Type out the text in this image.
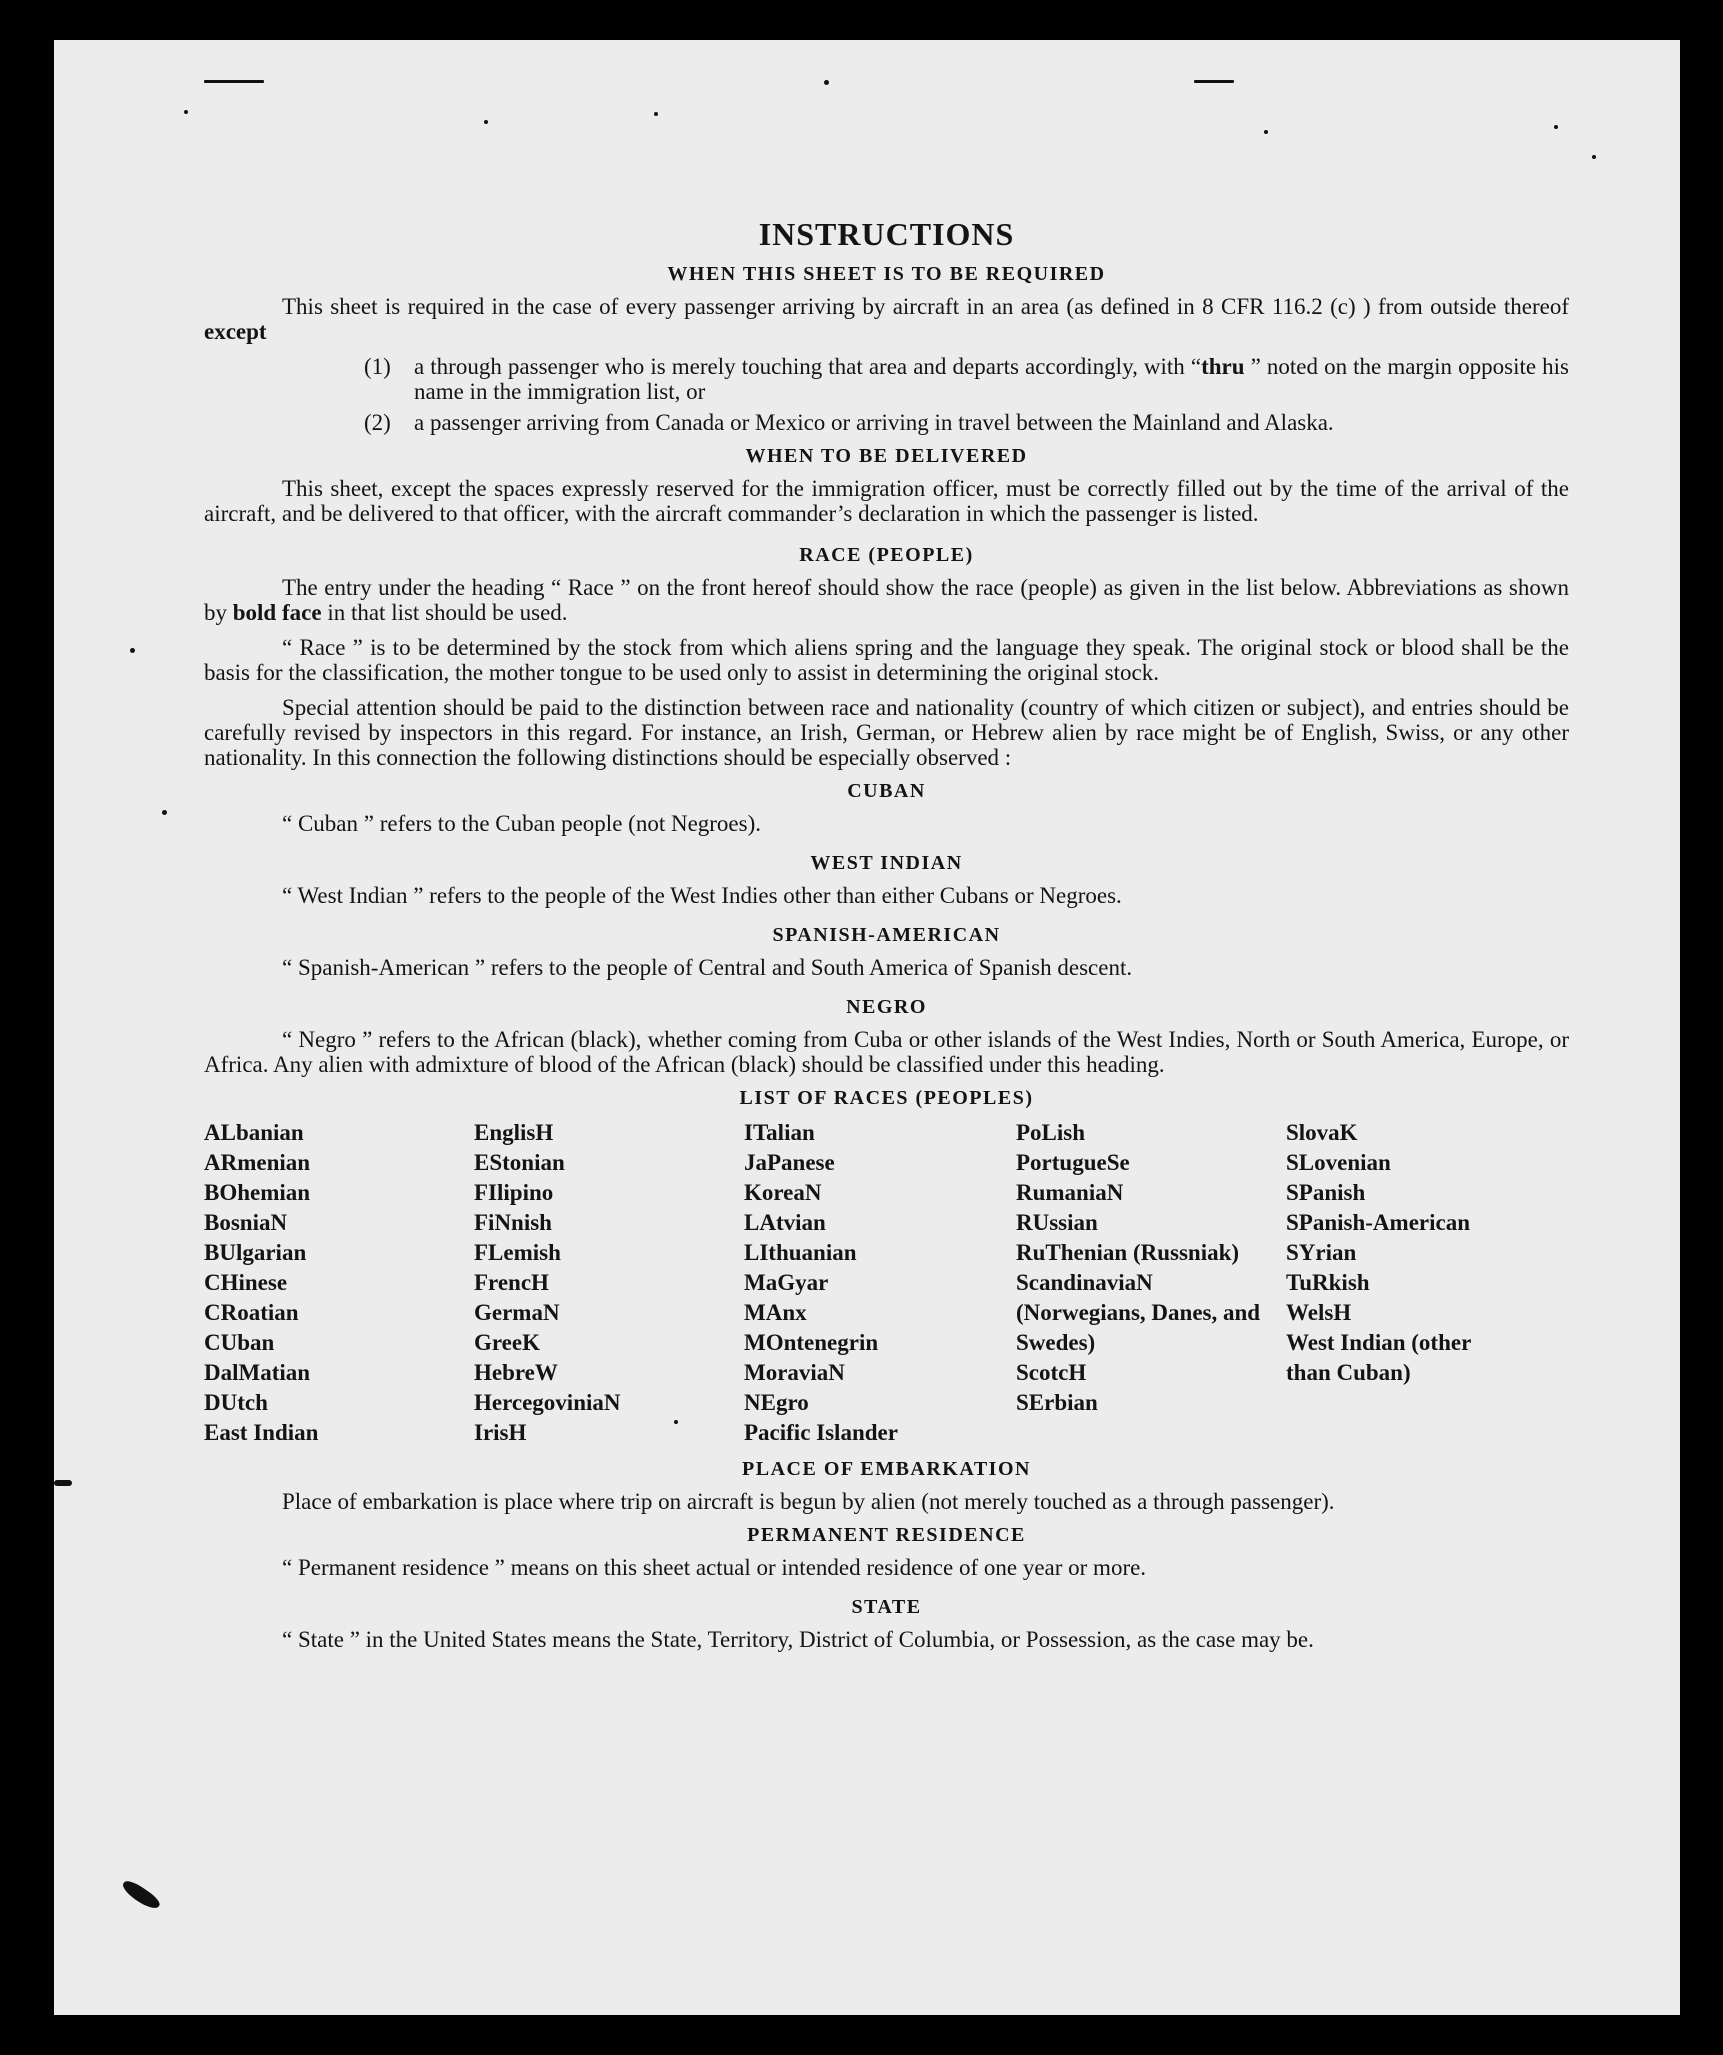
INSTRUCTIONS
WHEN THIS SHEET IS TO BE REQUIRED

This sheet is required in the case of every passenger arriving by aircraft in an area (as defined in 8 CFR 116.2 (c) ) from outside thereof except

(1)	a through passenger who is merely touching that area and departs accordingly, with “thru ” noted on the margin opposite his name in the immigration list, or
(2)	a passenger arriving from Canada or Mexico or arriving in travel between the Mainland and Alaska.
WHEN TO BE DELIVERED

This sheet, except the spaces expressly reserved for the immigration officer, must be correctly filled out by the time of the arrival of the aircraft, and be delivered to that officer, with the aircraft commander’s declaration in which the passenger is listed.

RACE (PEOPLE)

The entry under the heading “ Race ” on the front hereof should show the race (people) as given in the list below. Abbreviations as shown by bold face in that list should be used.

“ Race ” is to be determined by the stock from which aliens spring and the language they speak. The original stock or blood shall be the basis for the classification, the mother tongue to be used only to assist in determining the original stock.

Special attention should be paid to the distinction between race and nationality (country of which citizen or subject), and entries should be carefully revised by inspectors in this regard. For instance, an Irish, German, or Hebrew alien by race might be of English, Swiss, or any other nationality. In this connection the following distinctions should be especially observed :

CUBAN

“ Cuban ” refers to the Cuban people (not Negroes).

WEST INDIAN

“ West Indian ” refers to the people of the West Indies other than either Cubans or Negroes.

SPANISH-AMERICAN

“ Spanish-American ” refers to the people of Central and South America of Spanish descent.

NEGRO

“ Negro ” refers to the African (black), whether coming from Cuba or other islands of the West Indies, North or South America, Europe, or Africa. Any alien with admixture of blood of the African (black) should be classified under this heading.

LIST OF RACES (PEOPLES)
ALbanian
ARmenian
BOhemian
BosniaN
BUlgarian
CHinese
CRoatian
CUban
DalMatian
DUtch
East Indian
EnglisH
EStonian
FIlipino
FiNnish
FLemish
FrencH
GermaN
GreeK
HebreW
HercegoviniaN
IrisH
ITalian
JaPanese
KoreaN
LAtvian
LIthuanian
MaGyar
MAnx
MOntenegrin
MoraviaN
NEgro
Pacific Islander
PoLish
PortugueSe
RumaniaN
RUssian
RuThenian (Russniak)
ScandinaviaN (Norwegians, Danes, and Swedes)
ScotcH
SErbian
SlovaK
SLovenian
SPanish
SPanish-American
SYrian
TuRkish
WelsH
West Indian (other than Cuban)
PLACE OF EMBARKATION

Place of embarkation is place where trip on aircraft is begun by alien (not merely touched as a through passenger).

PERMANENT RESIDENCE

“ Permanent residence ” means on this sheet actual or intended residence of one year or more.

STATE

“ State ” in the United States means the State, Territory, District of Columbia, or Possession, as the case may be.
